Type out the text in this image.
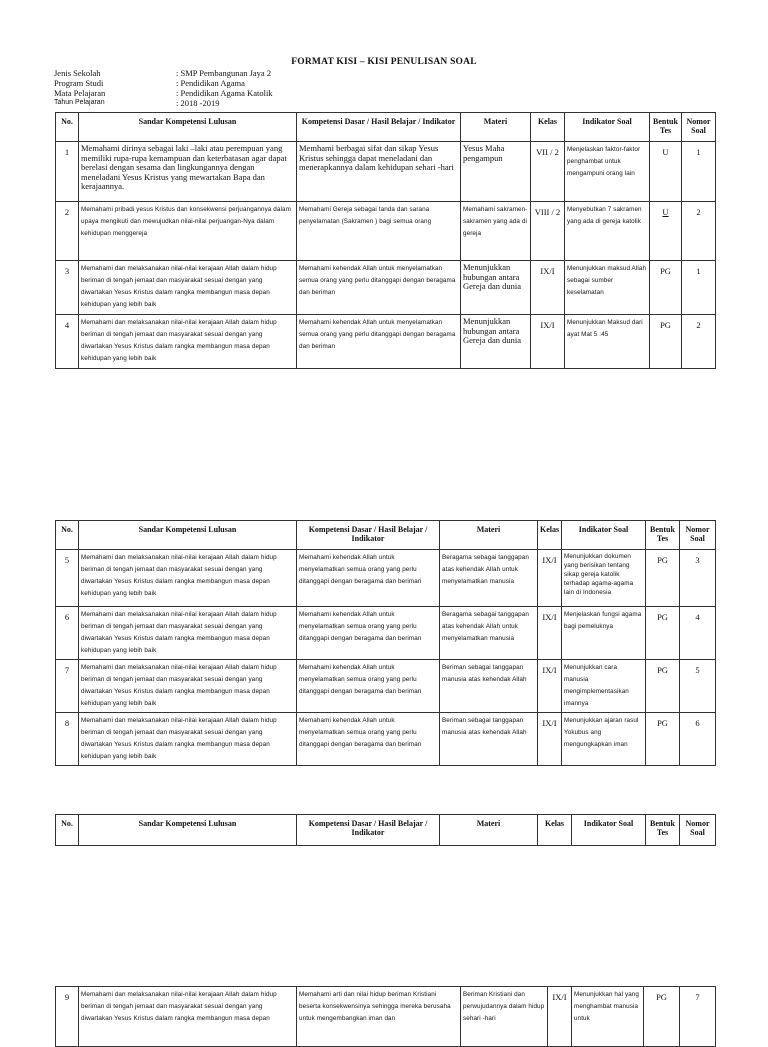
FORMAT KISI – KISI PENULISAN SOAL
Jenis Sekolah	: SMP Pembangunan Jaya 2
Program Studi	: Pendidikan Agama
Mata Pelajaran	: Pendidikan Agama Katolik
Tahun Pelajaran	: 2018 -2019
No.	Sandar Kompetensi Lulusan	Kompetensi Dasar / Hasil Belajar / Indikator	Materi	Kelas	Indikator Soal	Bentuk Tes	Nomor Soal
1	Memahami dirinya sebagai laki –laki atau perempuan yang memiliki rupa-rupa kemampuan dan keterbatasan agar dapat berelasi dengan sesama dan lingkungannya dengan meneladani Yesus Kristus yang mewartakan Bapa dan kerajaannya.	Memhami berbagai sifat dan sikap Yesus Kristus sehingga dapat meneladani dan menerapkannya dalam kehidupan sehari -hari	Yesus Maha pengampun	VII / 2	Menjelaskan faktor-faktor penghambat untuk mengampuni orang lain	U	1
2	Memahami pribadi yesus Kristus dan konsekwensi perjuangannya dalam upaya mengikuti dan mewujudkan nilai-nilai perjuangan-Nya dalam kehidupan menggereja	Memahami Gereja sebagai tanda dan sarana penyelamatan (Sakramen ) bagi semua orang	Memahami sakramen-sakramen yang ada di gereja	VIII / 2	Menyebutkan 7 sakramen yang ada di gereja katolik	U	2
3	Memahami dan melaksanakan nilai-nilai kerajaan Allah dalam hidup beriman di tengah jemaat dan masyarakat sesuai dengan yang diwartakan Yesus Kristus dalam rangka membangun masa depan kehidupan yang lebih baik	Memahami kehendak Allah untuk menyelamatkan semua orang yang perlu ditanggapi dengan beragama dan beriman	Menunjukkan hubungan antara Gereja dan dunia	IX/I	Menunjukkan maksud Allah sebagai sumber keselamatan	PG	1
4	Memahami dan melaksanakan nilai-nilai kerajaan Allah dalam hidup beriman di tengah jemaat dan masyarakat sesuai dengan yang diwartakan Yesus Kristus dalam rangka membangun masa depan kehidupan yang lebih baik	Memahami kehendak Allah untuk menyelamatkan semua orang yang perlu ditanggapi dengan beragama dan beriman	Menunjukkan hubungan antara Gereja dan dunia	IX/I	Menunjukkan Maksud dari ayat Mat 5 :45	PG	2
No.	Sandar Kompetensi Lulusan	Kompetensi Dasar / Hasil Belajar / Indikator	Materi	Kelas	Indikator Soal	Bentuk Tes	Nomor Soal
5	Memahami dan melaksanakan nilai-nilai kerajaan Allah dalam hidup beriman di tengah jemaat dan masyarakat sesuai dengan yang diwartakan Yesus Kristus dalam rangka membangun masa depan kehidupan yang lebih baik	Memahami kehendak Allah untuk menyelamatkan semua orang yang perlu ditanggapi dengan beragama dan beriman	Beragama sebagai tanggapan atas kehendak Allah untuk menyelamatkan manusia	IX/I	Menunjukkan dokumen yang berisikan tentang sikap gereja katolik terhadap agama-agama lain di Indonesia	PG	3
6	Memahami dan melaksanakan nilai-nilai kerajaan Allah dalam hidup beriman di tengah jemaat dan masyarakat sesuai dengan yang diwartakan Yesus Kristus dalam rangka membangun masa depan kehidupan yang lebih baik	Memahami kehendak Allah untuk menyelamatkan semua orang yang perlu ditanggapi dengan beragama dan beriman	Beragama sebagai tanggapan atas kehendak Allah untuk menyelamatkan manusia	IX/I	Menjelaskan fungsi agama bagi pemeluknya	PG	4
7	Memahami dan melaksanakan nilai-nilai kerajaan Allah dalam hidup beriman di tengah jemaat dan masyarakat sesuai dengan yang diwartakan Yesus Kristus dalam rangka membangun masa depan kehidupan yang lebih baik	Memahami kehendak Allah untuk menyelamatkan semua orang yang perlu ditanggapi dengan beragama dan beriman	Beriman sebagai tanggapan manusia atas kehendak Allah	IX/I	Menunjukkan cara manusia mengimplementasikan imannya	PG	5
8	Memahami dan melaksanakan nilai-nilai kerajaan Allah dalam hidup beriman di tengah jemaat dan masyarakat sesuai dengan yang diwartakan Yesus Kristus dalam rangka membangun masa depan kehidupan yang lebih baik	Memahami kehendak Allah untuk menyelamatkan semua orang yang perlu ditanggapi dengan beragama dan beriman	Beriman sebagai tanggapan manusia atas kehendak Allah	IX/I	Menunjukkan ajaran rasul Yokubus ang mengungkapkan iman	PG	6
No.	Sandar Kompetensi Lulusan	Kompetensi Dasar / Hasil Belajar / Indikator	Materi	Kelas	Indikator Soal	Bentuk Tes	Nomor Soal
9	Memahami dan melaksanakan nilai-nilai kerajaan Allah dalam hidup beriman di tengah jemaat dan masyarakat sesuai dengan yang diwartakan Yesus Kristus dalam rangka membangun masa depan	Memahami arti dan nilai hidup beriman Kristiani beserta konsekwensinya sehingga mereka berusaha untuk mengembangkan iman dan	Beriman Kristiani dan perwujudannya dalam hidup sehari -hari	IX/I	Menunjukkan hal yang menghambat manusia untuk	PG	7
